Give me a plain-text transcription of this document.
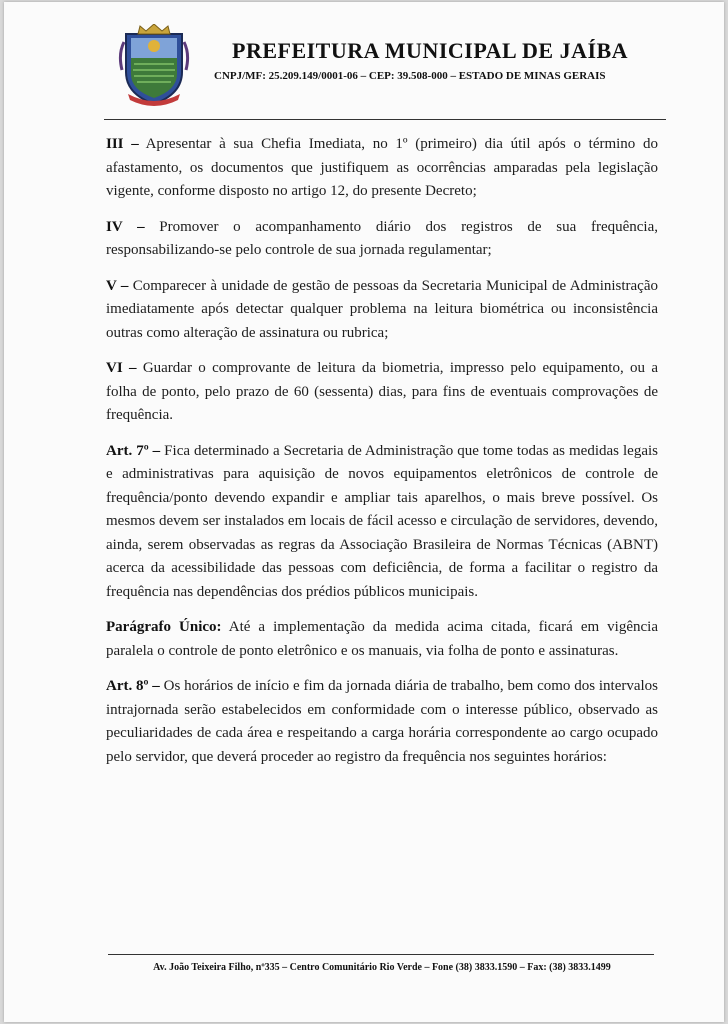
PREFEITURA MUNICIPAL DE JAÍBA
CNPJ/MF: 25.209.149/0001-06 – CEP: 39.508-000 – ESTADO DE MINAS GERAIS

III – Apresentar à sua Chefia Imediata, no 1º (primeiro) dia útil após o término do afastamento, os documentos que justifiquem as ocorrências amparadas pela legislação vigente, conforme disposto no artigo 12, do presente Decreto;

IV – Promover o acompanhamento diário dos registros de sua frequência, responsabilizando-se pelo controle de sua jornada regulamentar;

V – Comparecer à unidade de gestão de pessoas da Secretaria Municipal de Administração imediatamente após detectar qualquer problema na leitura biométrica ou inconsistência outras como alteração de assinatura ou rubrica;

VI – Guardar o comprovante de leitura da biometria, impresso pelo equipamento, ou a folha de ponto, pelo prazo de 60 (sessenta) dias, para fins de eventuais comprovações de frequência.

Art. 7º – Fica determinado a Secretaria de Administração que tome todas as medidas legais e administrativas para aquisição de novos equipamentos eletrônicos de controle de frequência/ponto devendo expandir e ampliar tais aparelhos, o mais breve possível. Os mesmos devem ser instalados em locais de fácil acesso e circulação de servidores, devendo, ainda, serem observadas as regras da Associação Brasileira de Normas Técnicas (ABNT) acerca da acessibilidade das pessoas com deficiência, de forma a facilitar o registro da frequência nas dependências dos prédios públicos municipais.

Parágrafo Único: Até a implementação da medida acima citada, ficará em vigência paralela o controle de ponto eletrônico e os manuais, via folha de ponto e assinaturas.

Art. 8º – Os horários de início e fim da jornada diária de trabalho, bem como dos intervalos intrajornada serão estabelecidos em conformidade com o interesse público, observado as peculiaridades de cada área e respeitando a carga horária correspondente ao cargo ocupado pelo servidor, que deverá proceder ao registro da frequência nos seguintes horários:

Av. João Teixeira Filho, nº335 – Centro Comunitário Rio Verde – Fone (38) 3833.1590 – Fax: (38) 3833.1499
